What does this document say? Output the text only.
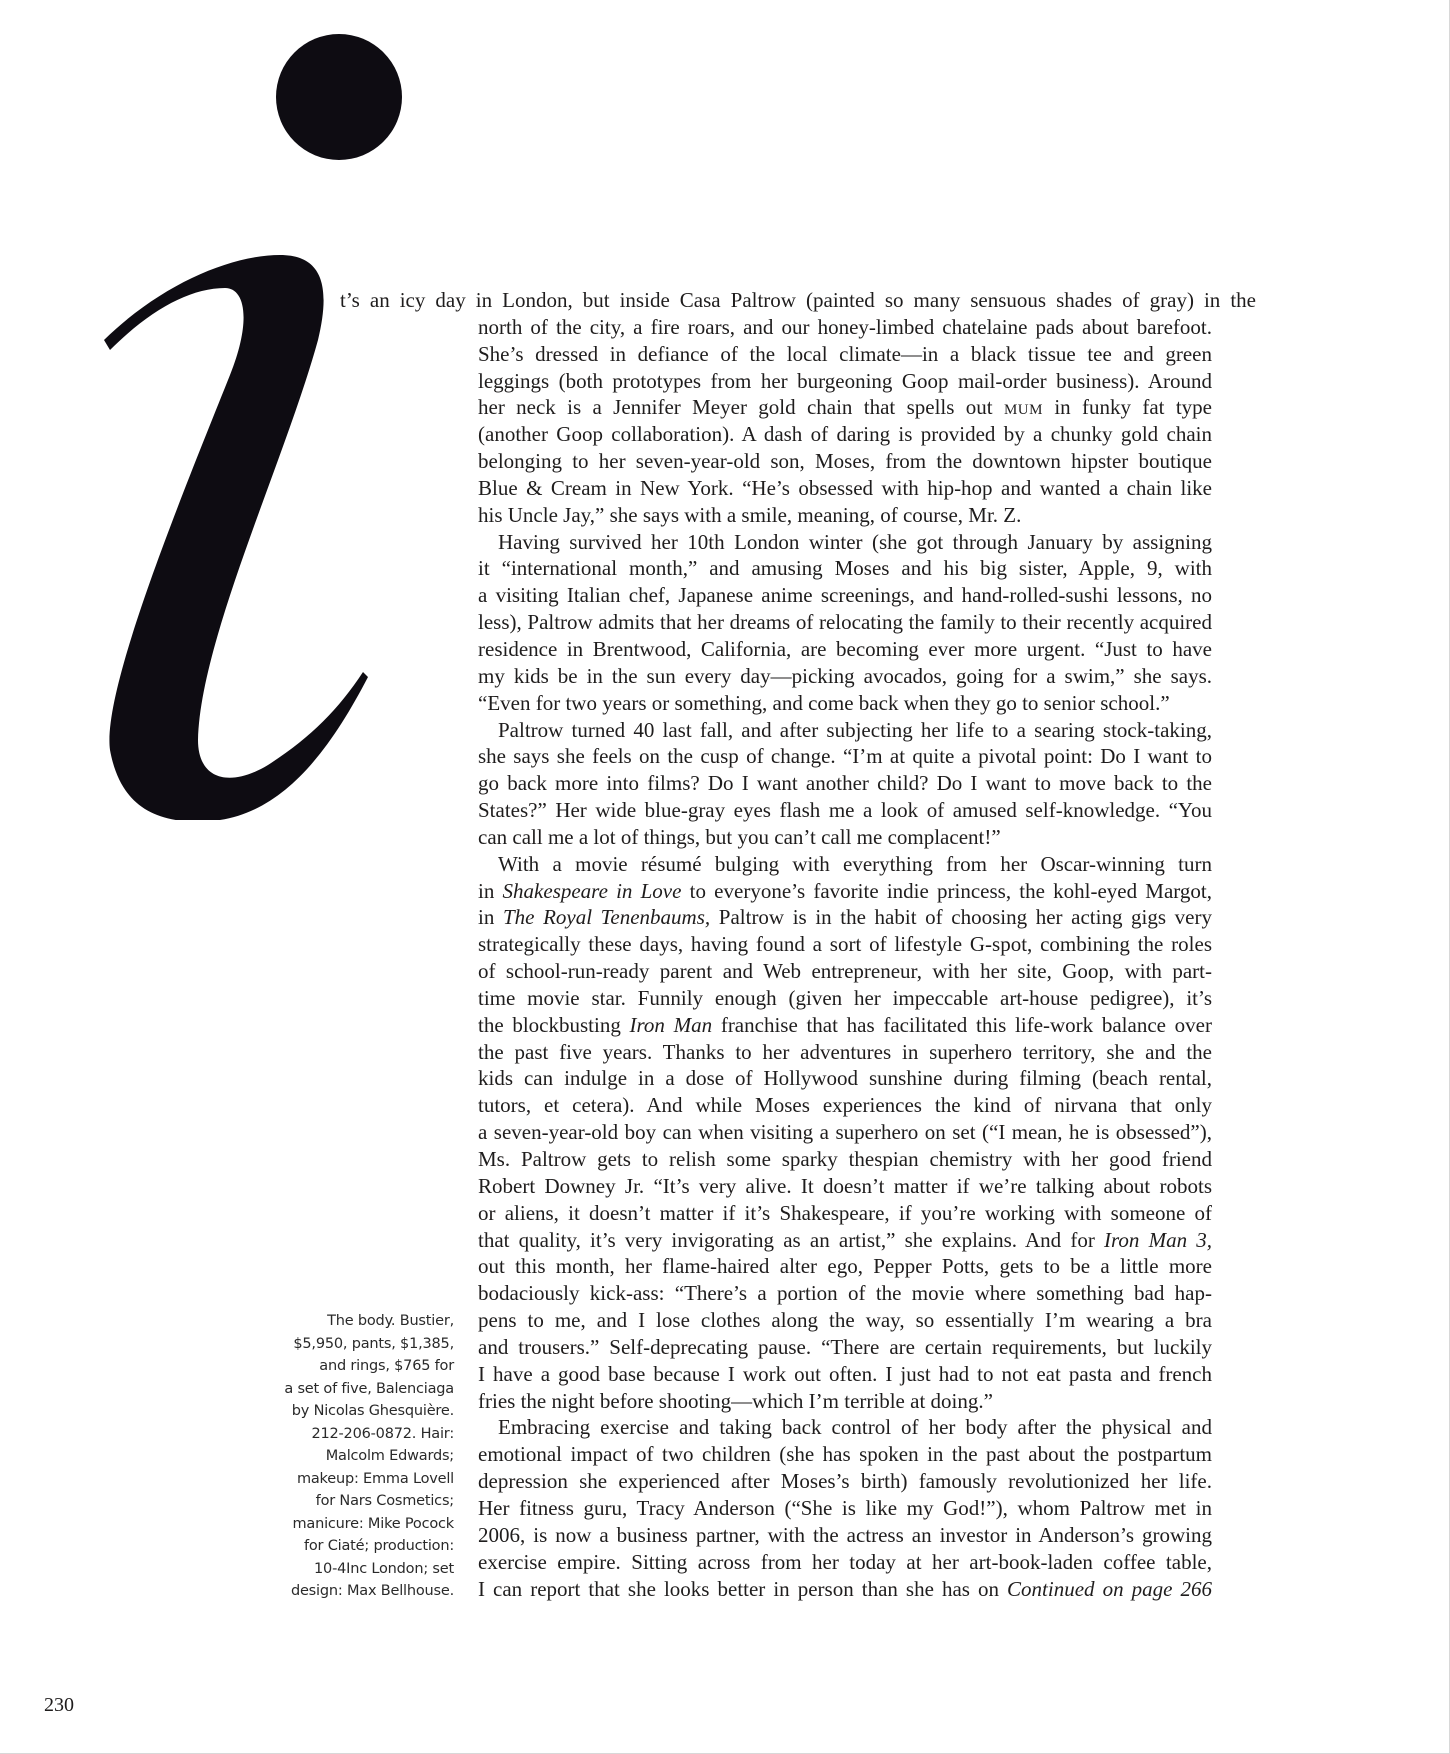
t’s an icy day in London, but inside Casa Paltrow (painted so many sensuous shades of gray) in the
north of the city, a fire roars, and our honey-limbed chatelaine pads about barefoot.
She’s dressed in defiance of the local climate—in a black tissue tee and green
leggings (both prototypes from her burgeoning Goop mail-order business). Around
her neck is a Jennifer Meyer gold chain that spells out mum in funky fat type
(another Goop collaboration). A dash of daring is provided by a chunky gold chain
belonging to her seven-year-old son, Moses, from the downtown hipster boutique
Blue & Cream in New York. “He’s obsessed with hip-hop and wanted a chain like
his Uncle Jay,” she says with a smile, meaning, of course, Mr. Z.

Having survived her 10th London winter (she got through January by assigning
it “international month,” and amusing Moses and his big sister, Apple, 9, with
a visiting Italian chef, Japanese anime screenings, and hand-rolled-sushi lessons, no
less), Paltrow admits that her dreams of relocating the family to their recently acquired
residence in Brentwood, California, are becoming ever more urgent. “Just to have
my kids be in the sun every day—picking avocados, going for a swim,” she says.
“Even for two years or something, and come back when they go to senior school.”

Paltrow turned 40 last fall, and after subjecting her life to a searing stock-taking,
she says she feels on the cusp of change. “I’m at quite a pivotal point: Do I want to
go back more into films? Do I want another child? Do I want to move back to the
States?” Her wide blue-gray eyes flash me a look of amused self-knowledge. “You
can call me a lot of things, but you can’t call me complacent!”

With a movie résumé bulging with everything from her Oscar-winning turn
in Shakespeare in Love to everyone’s favorite indie princess, the kohl-eyed Margot,
in The Royal Tenenbaums, Paltrow is in the habit of choosing her acting gigs very
strategically these days, having found a sort of lifestyle G-spot, combining the roles
of school-run-ready parent and Web entrepreneur, with her site, Goop, with part-
time movie star. Funnily enough (given her impeccable art-house pedigree), it’s
the blockbusting Iron Man franchise that has facilitated this life-work balance over
the past five years. Thanks to her adventures in superhero territory, she and the
kids can indulge in a dose of Hollywood sunshine during filming (beach rental,
tutors, et cetera). And while Moses experiences the kind of nirvana that only
a seven-year-old boy can when visiting a superhero on set (“I mean, he is obsessed”),
Ms. Paltrow gets to relish some sparky thespian chemistry with her good friend
Robert Downey Jr. “It’s very alive. It doesn’t matter if we’re talking about robots
or aliens, it doesn’t matter if it’s Shakespeare, if you’re working with someone of
that quality, it’s very invigorating as an artist,” she explains. And for Iron Man 3,
out this month, her flame-haired alter ego, Pepper Potts, gets to be a little more
bodaciously kick-ass: “There’s a portion of the movie where something bad hap-
pens to me, and I lose clothes along the way, so essentially I’m wearing a bra
and trousers.” Self-deprecating pause. “There are certain requirements, but luckily
I have a good base because I work out often. I just had to not eat pasta and french
fries the night before shooting—which I’m terrible at doing.”

Embracing exercise and taking back control of her body after the physical and
emotional impact of two children (she has spoken in the past about the postpartum
depression she experienced after Moses’s birth) famously revolutionized her life.
Her fitness guru, Tracy Anderson (“She is like my God!”), whom Paltrow met in
2006, is now a business partner, with the actress an investor in Anderson’s growing
exercise empire. Sitting across from her today at her art-book-laden coffee table,
I can report that she looks better in person than she has on Continued on page 266

The body. Bustier,
$5,950, pants, $1,385,
and rings, $765 for
a set of five, Balenciaga
by Nicolas Ghesquière.
212-206-0872. Hair:
Malcolm Edwards;
makeup: Emma Lovell
for Nars Cosmetics;
manicure: Mike Pocock
for Ciaté; production:
10-4Inc London; set
design: Max Bellhouse.
230
